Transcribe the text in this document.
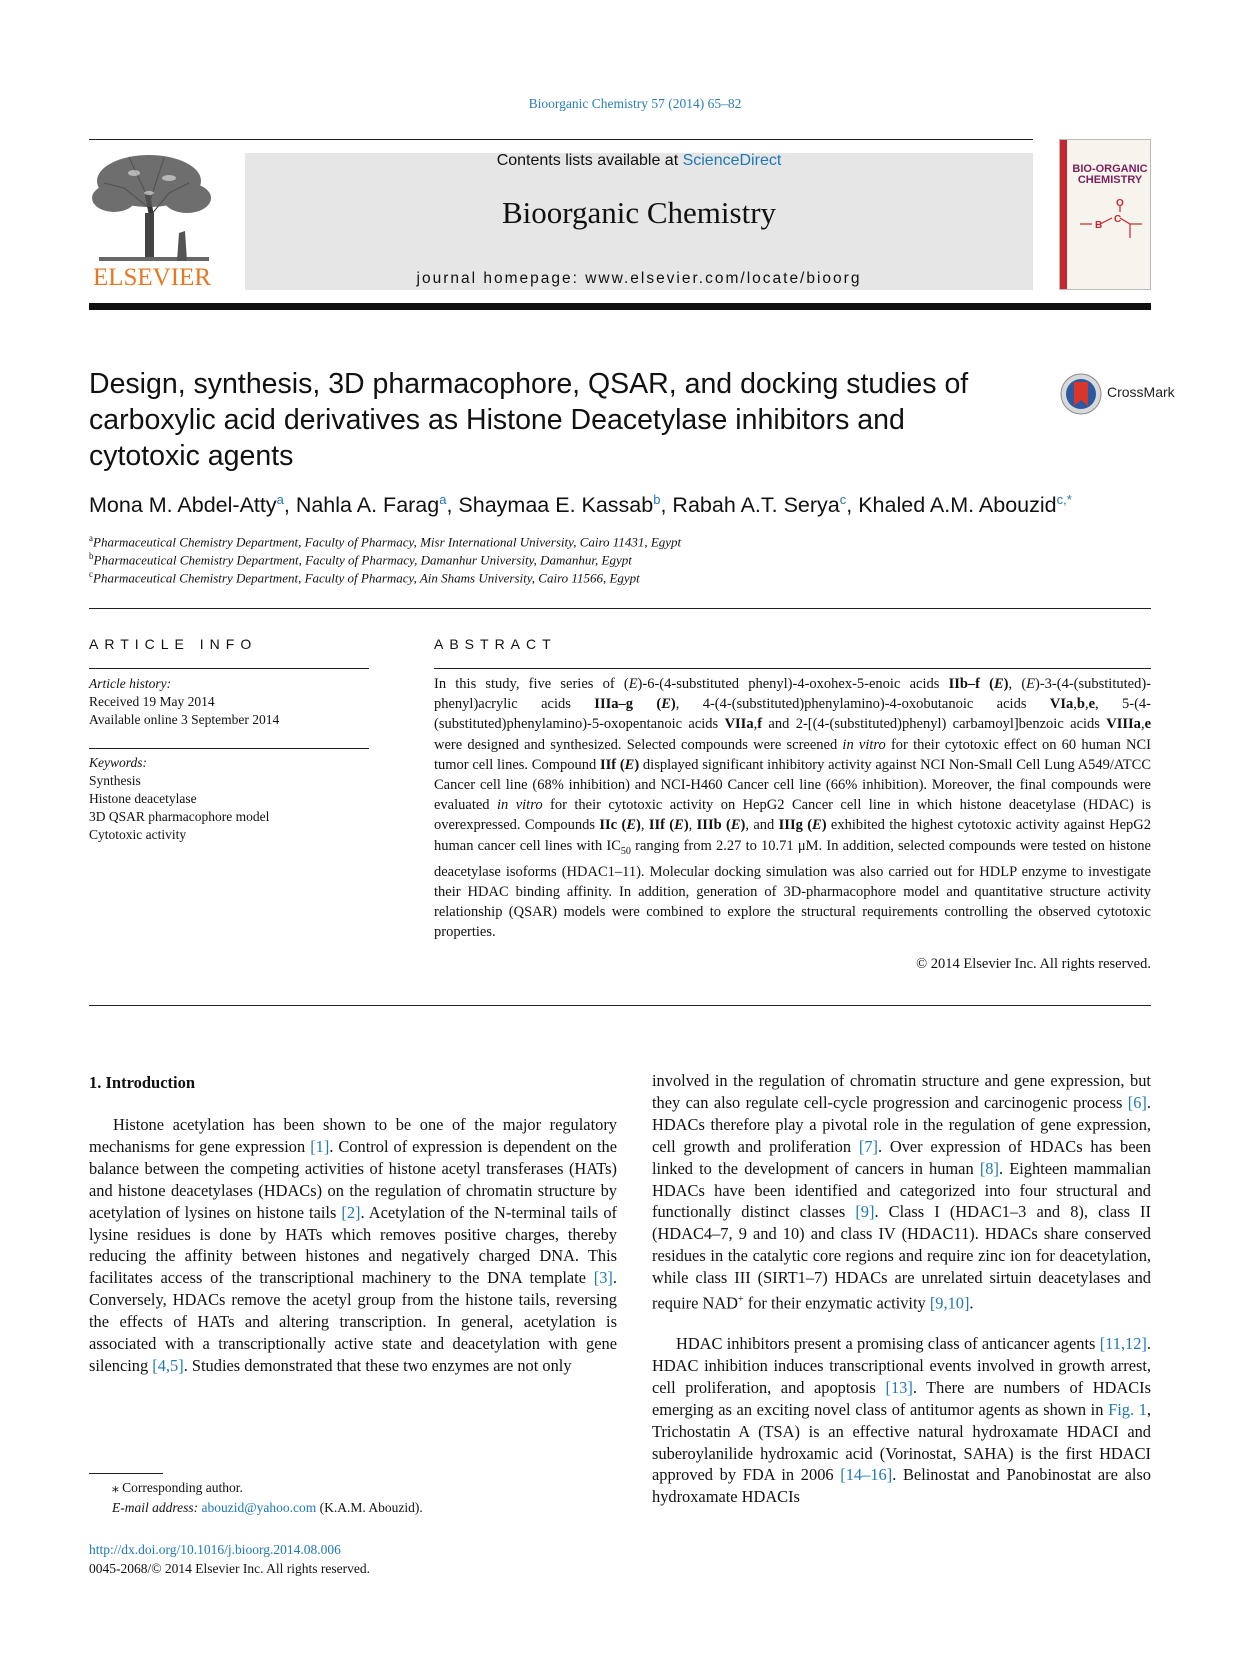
Bioorganic Chemistry 57 (2014) 65–82
ELSEVIER
Contents lists available at ScienceDirect
Bioorganic Chemistry
journal homepage: www.elsevier.com/locate/bioorg
BIO-ORGANIC
CHEMISTRY
B
O
C
Design, synthesis, 3D pharmacophore, QSAR, and docking studies of carboxylic acid derivatives as Histone Deacetylase inhibitors and cytotoxic agents
CrossMark
Mona M. Abdel-Atty$^a$, Nahla A. Farag$^a$, Shaymaa E. Kassab$^b$, Rabah A.T. Serya$^c$, Khaled A.M. Abouzid$^{c,*}$
$^a$Pharmaceutical Chemistry Department, Faculty of Pharmacy, Misr International University, Cairo 11431, Egypt
$^b$Pharmaceutical Chemistry Department, Faculty of Pharmacy, Damanhur University, Damanhur, Egypt
$^c$Pharmaceutical Chemistry Department, Faculty of Pharmacy, Ain Shams University, Cairo 11566, Egypt
ARTICLE INFO
Article history:
Received 19 May 2014
Available online 3 September 2014
Keywords:
Synthesis
Histone deacetylase
3D QSAR pharmacophore model
Cytotoxic activity
ABSTRACT
In this study, five series of (E)-6-(4-substituted phenyl)-4-oxohex-5-enoic acids IIb–f (E), (E)-3-(4-(substituted)-phenyl)acrylic acids IIIa–g (E), 4-(4-(substituted)phenylamino)-4-oxobutanoic acids VIa,b,e, 5-(4-(substituted)phenylamino)-5-oxopentanoic acids VIIa,f and 2-[(4-(substituted)phenyl) carbamoyl]benzoic acids VIIIa,e were designed and synthesized. Selected compounds were screened in vitro for their cytotoxic effect on 60 human NCI tumor cell lines. Compound IIf (E) displayed significant inhibitory activity against NCI Non-Small Cell Lung A549/ATCC Cancer cell line (68% inhibition) and NCI-H460 Cancer cell line (66% inhibition). Moreover, the final compounds were evaluated in vitro for their cytotoxic activity on HepG2 Cancer cell line in which histone deacetylase (HDAC) is overexpressed. Compounds IIc (E), IIf (E), IIIb (E), and IIIg (E) exhibited the highest cytotoxic activity against HepG2 human cancer cell lines with $IC_{50}$ ranging from 2.27 to 10.71 μM. In addition, selected compounds were tested on histone deacetylase isoforms (HDAC1–11). Molecular docking simulation was also carried out for HDLP enzyme to investigate their HDAC binding affinity. In addition, generation of 3D-pharmacophore model and quantitative structure activity relationship (QSAR) models were combined to explore the structural requirements controlling the observed cytotoxic properties.
© 2014 Elsevier Inc. All rights reserved.
1. Introduction

Histone acetylation has been shown to be one of the major regulatory mechanisms for gene expression [1]. Control of expression is dependent on the balance between the competing activities of histone acetyl transferases (HATs) and histone deacetylases (HDACs) on the regulation of chromatin structure by acetylation of lysines on histone tails [2]. Acetylation of the N-terminal tails of lysine residues is done by HATs which removes positive charges, thereby reducing the affinity between histones and negatively charged DNA. This facilitates access of the transcriptional machinery to the DNA template [3]. Conversely, HDACs remove the acetyl group from the histone tails, reversing the effects of HATs and altering transcription. In general, acetylation is associated with a transcriptionally active state and deacetylation with gene silencing [4,5]. Studies demonstrated that these two enzymes are not only

involved in the regulation of chromatin structure and gene expression, but they can also regulate cell-cycle progression and carcinogenic process [6]. HDACs therefore play a pivotal role in the regulation of gene expression, cell growth and proliferation [7]. Over expression of HDACs has been linked to the development of cancers in human [8]. Eighteen mammalian HDACs have been identified and categorized into four structural and functionally distinct classes [9]. Class I (HDAC1–3 and 8), class II (HDAC4–7, 9 and 10) and class IV (HDAC11). HDACs share conserved residues in the catalytic core regions and require zinc ion for deacetylation, while class III (SIRT1–7) HDACs are unrelated sirtuin deacetylases and require NAD+ for their enzymatic activity [9,10].

HDAC inhibitors present a promising class of anticancer agents [11,12]. HDAC inhibition induces transcriptional events involved in growth arrest, cell proliferation, and apoptosis [13]. There are numbers of HDACIs emerging as an exciting novel class of antitumor agents as shown in Fig. 1, Trichostatin A (TSA) is an effective natural hydroxamate HDACI and suberoylanilide hydroxamic acid (Vorinostat, SAHA) is the first HDACI approved by FDA in 2006 [14–16]. Belinostat and Panobinostat are also hydroxamate HDACIs

⁎ Corresponding author.
E-mail address: abouzid@yahoo.com (K.A.M. Abouzid).
http://dx.doi.org/10.1016/j.bioorg.2014.08.006
0045-2068/© 2014 Elsevier Inc. All rights reserved.
